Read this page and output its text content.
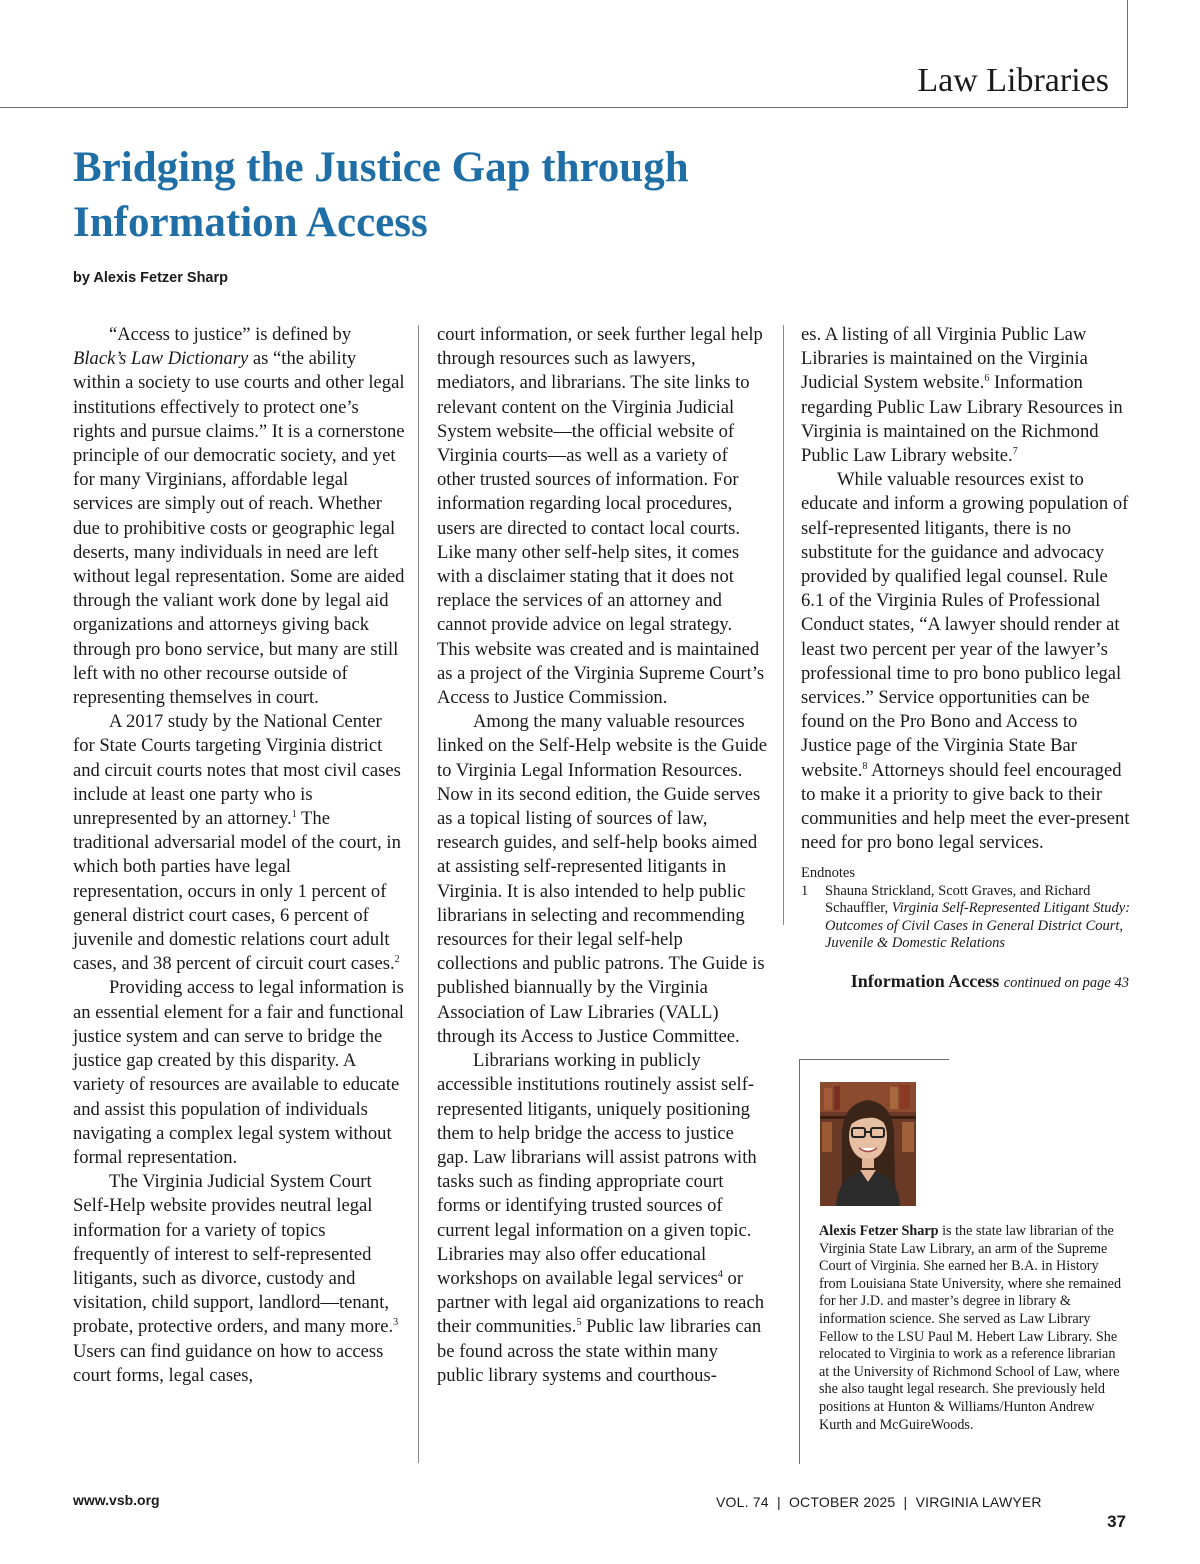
Law Libraries
Bridging the Justice Gap through Information Access
by Alexis Fetzer Sharp

“Access to justice” is defined by Black’s Law Dictionary as “the ability within a society to use courts and other legal institutions effectively to protect one’s rights and pursue claims.” It is a cornerstone principle of our democratic society, and yet for many Virginians, affordable legal services are simply out of reach. Whether due to prohibitive costs or geographic legal deserts, many individuals in need are left without legal representation. Some are aided through the valiant work done by legal aid organizations and attorneys giving back through pro bono service, but many are still left with no other recourse outside of representing themselves in court.

A 2017 study by the National Center for State Courts targeting Virginia district and circuit courts notes that most civil cases include at least one party who is unrepresented by an attorney.$^1$ The traditional adversarial model of the court, in which both parties have legal representation, occurs in only 1 percent of general district court cases, 6 percent of juvenile and domestic relations court adult cases, and 38 percent of circuit court cases.$^2$

Providing access to legal information is an essential element for a fair and functional justice system and can serve to bridge the justice gap created by this disparity. A variety of resources are available to educate and assist this population of individuals navigating a complex legal system without formal representation.

The Virginia Judicial System Court Self-Help website provides neutral legal information for a variety of topics frequently of interest to self-represented litigants, such as divorce, custody and visitation, child support, landlord—tenant, probate, protective orders, and many more.$^3$ Users can find guidance on how to access court forms, legal cases,

court information, or seek further legal help through resources such as lawyers, mediators, and librarians. The site links to relevant content on the Virginia Judicial System website—the official website of Virginia courts—as well as a variety of other trusted sources of information. For information regarding local procedures, users are directed to contact local courts. Like many other self-help sites, it comes with a disclaimer stating that it does not replace the services of an attorney and cannot provide advice on legal strategy. This website was created and is maintained as a project of the Virginia Supreme Court’s Access to Justice Commission.

Among the many valuable resources linked on the Self-Help website is the Guide to Virginia Legal Information Resources. Now in its second edition, the Guide serves as a topical listing of sources of law, research guides, and self-help books aimed at assisting self-represented litigants in Virginia. It is also intended to help public librarians in selecting and recommending resources for their legal self-help collections and public patrons. The Guide is published biannually by the Virginia Association of Law Libraries (VALL) through its Access to Justice Committee.

Librarians working in publicly accessible institutions routinely assist self-represented litigants, uniquely positioning them to help bridge the access to justice gap. Law librarians will assist patrons with tasks such as finding appropriate court forms or identifying trusted sources of current legal information on a given topic. Libraries may also offer educational workshops on available legal services$^4$ or partner with legal aid organizations to reach their communities.$^5$ Public law libraries can be found across the state within many public library systems and courthous-

es. A listing of all Virginia Public Law Libraries is maintained on the Virginia Judicial System website.$^6$ Information regarding Public Law Library Resources in Virginia is maintained on the Richmond Public Law Library website.$^7$

While valuable resources exist to educate and inform a growing population of self-represented litigants, there is no substitute for the guidance and advocacy provided by qualified legal counsel. Rule 6.1 of the Virginia Rules of Professional Conduct states, “A lawyer should render at least two percent per year of the lawyer’s professional time to pro bono publico legal services.” Service opportunities can be found on the Pro Bono and Access to Justice page of the Virginia State Bar website.$^8$ Attorneys should feel encouraged to make it a priority to give back to their communities and help meet the ever-present need for pro bono legal services.

Endnotes
1	Shauna Strickland, Scott Graves, and Richard Schauffler, Virginia Self-Represented Litigant Study: Outcomes of Civil Cases in General District Court, Juvenile & Domestic Relations
Information Access continued on page 43
Alexis Fetzer Sharp is the state law librarian of the Virginia State Law Library, an arm of the Supreme Court of Virginia. She earned her B.A. in History from Louisiana State University, where she remained for her J.D. and master’s degree in library & information science. She served as Law Library Fellow to the LSU Paul M. Hebert Law Library. She relocated to Virginia to work as a reference librarian at the University of Richmond School of Law, where she also taught legal research. She previously held positions at Hunton & Williams/Hunton Andrew Kurth and McGuireWoods.
www.vsb.org	VOL. 74  |  OCTOBER 2025  |  VIRGINIA LAWYER
37
